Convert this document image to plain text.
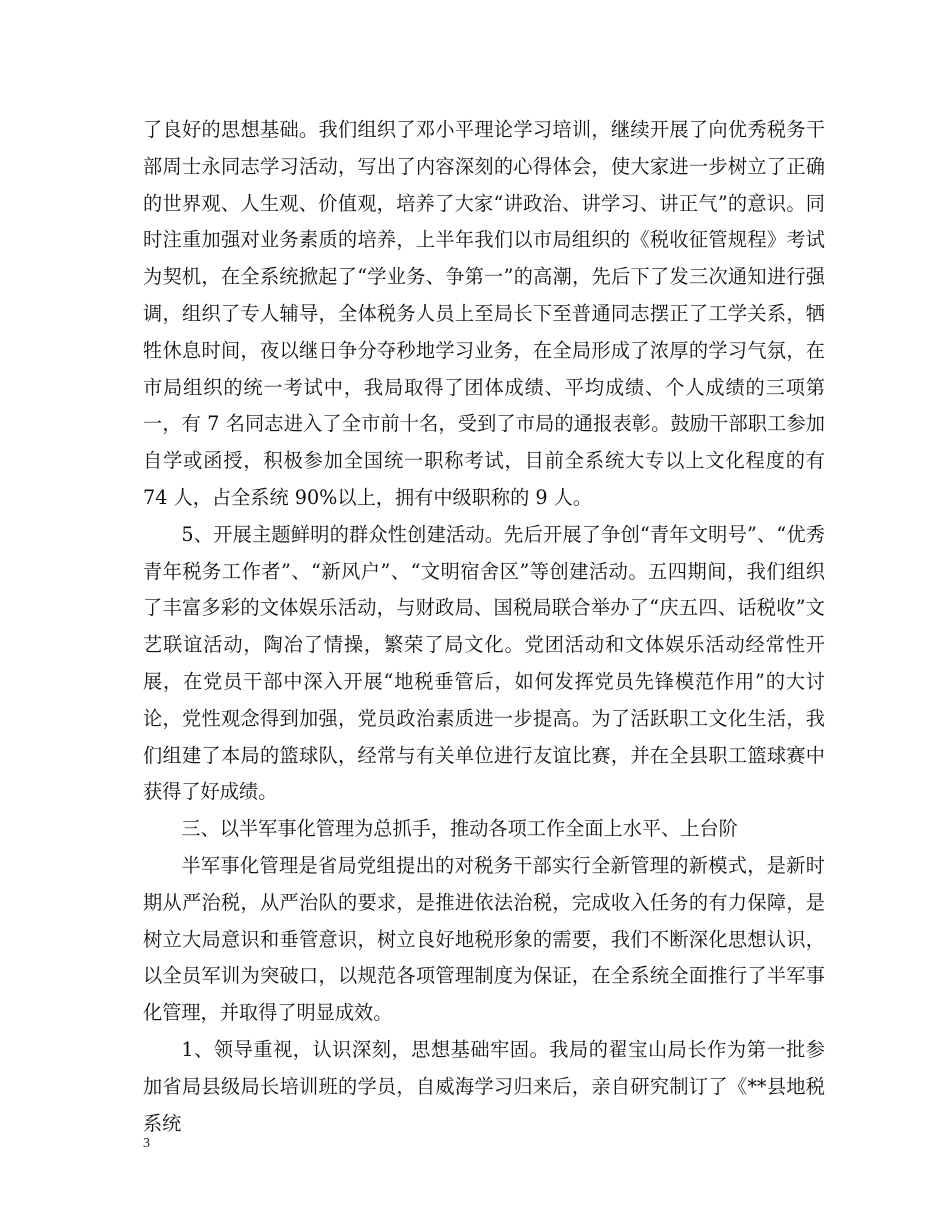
了良好的思想基础。我们组织了邓小平理论学习培训，继续开展了向优秀税务干部周士永同志学习活动，写出了内容深刻的心得体会，使大家进一步树立了正确的世界观、人生观、价值观，培养了大家“讲政治、讲学习、讲正气”的意识。同时注重加强对业务素质的培养，上半年我们以市局组织的《税收征管规程》考试为契机，在全系统掀起了“学业务、争第一”的高潮，先后下了发三次通知进行强调，组织了专人辅导，全体税务人员上至局长下至普通同志摆正了工学关系，牺牲休息时间，夜以继日争分夺秒地学习业务，在全局形成了浓厚的学习气氛，在市局组织的统一考试中，我局取得了团体成绩、平均成绩、个人成绩的三项第一，有 7 名同志进入了全市前十名，受到了市局的通报表彰。鼓励干部职工参加自学或函授，积极参加全国统一职称考试，目前全系统大专以上文化程度的有 74 人，占全系统 90%以上，拥有中级职称的 9 人。

5、开展主题鲜明的群众性创建活动。先后开展了争创“青年文明号”、“优秀青年税务工作者”、“新风户”、“文明宿舍区”等创建活动。五四期间，我们组织了丰富多彩的文体娱乐活动，与财政局、国税局联合举办了“庆五四、话税收”文艺联谊活动，陶冶了情操，繁荣了局文化。党团活动和文体娱乐活动经常性开展，在党员干部中深入开展“地税垂管后，如何发挥党员先锋模范作用”的大讨论，党性观念得到加强，党员政治素质进一步提高。为了活跃职工文化生活，我们组建了本局的篮球队，经常与有关单位进行友谊比赛，并在全县职工篮球赛中获得了好成绩。

三、以半军事化管理为总抓手，推动各项工作全面上水平、上台阶

半军事化管理是省局党组提出的对税务干部实行全新管理的新模式，是新时期从严治税，从严治队的要求，是推进依法治税，完成收入任务的有力保障，是树立大局意识和垂管意识，树立良好地税形象的需要，我们不断深化思想认识，以全员军训为突破口，以规范各项管理制度为保证，在全系统全面推行了半军事化管理，并取得了明显成效。

1、领导重视，认识深刻，思想基础牢固。我局的翟宝山局长作为第一批参加省局县级局长培训班的学员，自威海学习归来后，亲自研究制订了《**县地税系统

3
